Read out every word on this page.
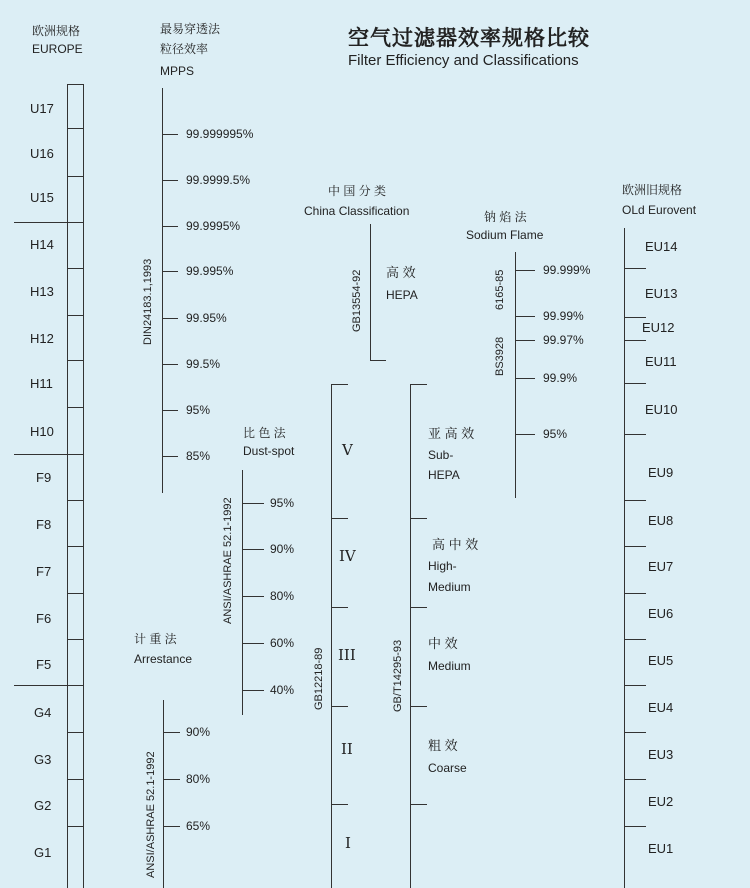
空气过滤器效率规格比较
Filter Efficiency and Classifications
欧洲规格
EUROPE
U17
U16
U15
H14
H13
H12
H11
H10
F9
F8
F7
F6
F5
G4
G3
G2
G1
最易穿透法
粒径效率
MPPS
DIN24183.1,1993
99.999995%
99.9999.5%
99.9995%
99.995%
99.95%
99.5%
95%
85%
比 色 法
Dust-spot
ANSI/ASHRAE 52.1-1992	95%
90%
80%
60%
40%
计 重 法
Arrestance
ANSI/ASHRAE 52.1-1992
90%
80%
65%
中 国 分 类
China Classification
GB13554-92 高 效
HEPA
GB12218-89
V
IV
III
II
I
GB/T14295-93
亚 高 效
Sub-
HEPA
高 中 效
High-
Medium
中 效
Medium
粗 效
Coarse
钠 焰 法
Sodium Flame
6165-85
BS3928
99.999%
99.99%
99.97%
99.9%
95%
欧洲旧规格
OLd Eurovent
EU14
EU13
EU12
EU11
EU10
EU9
EU8
EU7
EU6
EU5
EU4
EU3
EU2
EU1
